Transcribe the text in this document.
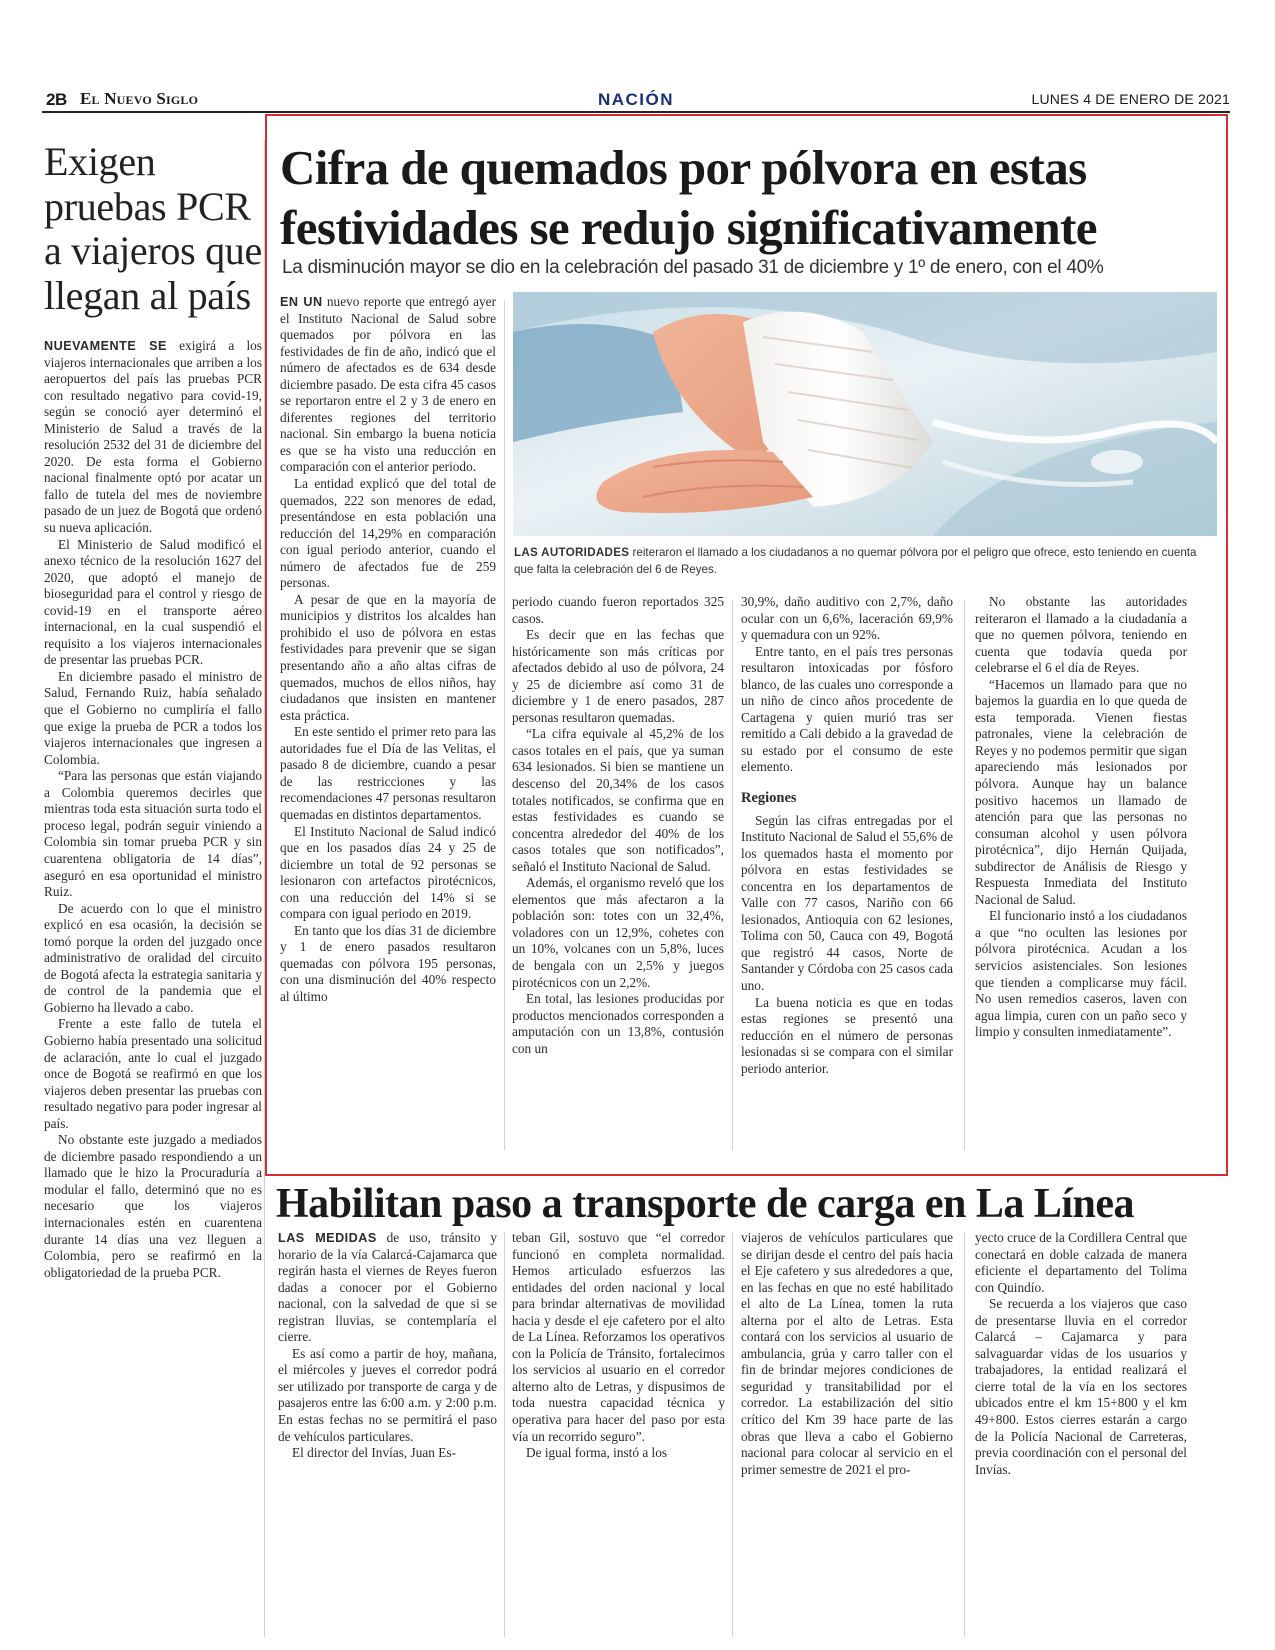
2B El Nuevo Siglo	NACIÓN	LUNES 4 DE ENERO DE 2021
Exigen pruebas PCR a viajeros que llegan al país

NUEVAMENTE SE exigirá a los viajeros internacionales que arriben a los aeropuertos del país las pruebas PCR con resultado negativo para covid-19, según se conoció ayer determinó el Ministerio de Salud a través de la resolución 2532 del 31 de diciembre del 2020. De esta forma el Gobierno nacional finalmente optó por acatar un fallo de tutela del mes de noviembre pasado de un juez de Bogotá que ordenó su nueva aplicación.

El Ministerio de Salud modificó el anexo técnico de la resolución 1627 del 2020, que adoptó el manejo de bioseguridad para el control y riesgo de covid-19 en el transporte aéreo internacional, en la cual suspendió el requisito a los viajeros internacionales de presentar las pruebas PCR.

En diciembre pasado el ministro de Salud, Fernando Ruiz, había señalado que el Gobierno no cumpliría el fallo que exige la prueba de PCR a todos los viajeros internacionales que ingresen a Colombia.

“Para las personas que están viajando a Colombia queremos decirles que mientras toda esta situación surta todo el proceso legal, podrán seguir viniendo a Colombia sin tomar prueba PCR y sin cuarentena obligatoria de 14 días”, aseguró en esa oportunidad el ministro Ruiz.

De acuerdo con lo que el ministro explicó en esa ocasión, la decisión se tomó porque la orden del juzgado once administrativo de oralidad del circuito de Bogotá afecta la estrategia sanitaria y de control de la pandemia que el Gobierno ha llevado a cabo.

Frente a este fallo de tutela el Gobierno había presentado una solicitud de aclaración, ante lo cual el juzgado once de Bogotá se reafirmó en que los viajeros deben presentar las pruebas con resultado negativo para poder ingresar al país.

No obstante este juzgado a mediados de diciembre pasado respondiendo a un llamado que le hizo la Procuraduría a modular el fallo, determinó que no es necesario que los viajeros internacionales estén en cuarentena durante 14 días una vez lleguen a Colombia, pero se reafirmó en la obligatoriedad de la prueba PCR.

Cifra de quemados por pólvora en estas festividades se redujo significativamente

La disminución mayor se dio en la celebración del pasado 31 de diciembre y 1º de enero, con el 40%

LAS AUTORIDADES reiteraron el llamado a los ciudadanos a no quemar pólvora por el peligro que ofrece, esto teniendo en cuenta que falta la celebración del 6 de Reyes.

EN UN nuevo reporte que entregó ayer el Instituto Nacional de Salud sobre quemados por pólvora en las festividades de fin de año, indicó que el número de afectados es de 634 desde diciembre pasado. De esta cifra 45 casos se reportaron entre el 2 y 3 de enero en diferentes regiones del territorio nacional. Sin embargo la buena noticia es que se ha visto una reducción en comparación con el anterior periodo.

La entidad explicó que del total de quemados, 222 son menores de edad, presentándose en esta población una reducción del 14,29% en comparación con igual periodo anterior, cuando el número de afectados fue de 259 personas.

A pesar de que en la mayoría de municipios y distritos los alcaldes han prohibido el uso de pólvora en estas festividades para prevenir que se sigan presentando año a año altas cifras de quemados, muchos de ellos niños, hay ciudadanos que insisten en mantener esta práctica.

En este sentido el primer reto para las autoridades fue el Día de las Velitas, el pasado 8 de diciembre, cuando a pesar de las restricciones y las recomendaciones 47 personas resultaron quemadas en distintos departamentos.

El Instituto Nacional de Salud indicó que en los pasados días 24 y 25 de diciembre un total de 92 personas se lesionaron con artefactos pirotécnicos, con una reducción del 14% si se compara con igual periodo en 2019.

En tanto que los días 31 de diciembre y 1 de enero pasados resultaron quemadas con pólvora 195 personas, con una disminución del 40% respecto al último

periodo cuando fueron reportados 325 casos.

Es decir que en las fechas que históricamente son más críticas por afectados debido al uso de pólvora, 24 y 25 de diciembre así como 31 de diciembre y 1 de enero pasados, 287 personas resultaron quemadas.

“La cifra equivale al 45,2% de los casos totales en el país, que ya suman 634 lesionados. Si bien se mantiene un descenso del 20,34% de los casos totales notificados, se confirma que en estas festividades es cuando se concentra alrededor del 40% de los casos totales que son notificados”, señaló el Instituto Nacional de Salud.

Además, el organismo reveló que los elementos que más afectaron a la población son: totes con un 32,4%, voladores con un 12,9%, cohetes con un 10%, volcanes con un 5,8%, luces de bengala con un 2,5% y juegos pirotécnicos con un 2,2%.

En total, las lesiones producidas por productos mencionados corresponden a amputación con un 13,8%, contusión con un

30,9%, daño auditivo con 2,7%, daño ocular con un 6,6%, laceración 69,9% y quemadura con un 92%.

Entre tanto, en el país tres personas resultaron intoxicadas por fósforo blanco, de las cuales uno corresponde a un niño de cinco años procedente de Cartagena y quien murió tras ser remitido a Cali debido a la gravedad de su estado por el consumo de este elemento.

Regiones

Según las cifras entregadas por el Instituto Nacional de Salud el 55,6% de los quemados hasta el momento por pólvora en estas festividades se concentra en los departamentos de Valle con 77 casos, Nariño con 66 lesionados, Antioquia con 62 lesiones, Tolima con 50, Cauca con 49, Bogotá que registró 44 casos, Norte de Santander y Córdoba con 25 casos cada uno.

La buena noticia es que en todas estas regiones se presentó una reducción en el número de personas lesionadas si se compara con el similar periodo anterior.

No obstante las autoridades reiteraron el llamado a la ciudadanía a que no quemen pólvora, teniendo en cuenta que todavía queda por celebrarse el 6 el día de Reyes.

“Hacemos un llamado para que no bajemos la guardia en lo que queda de esta temporada. Vienen fiestas patronales, viene la celebración de Reyes y no podemos permitir que sigan apareciendo más lesionados por pólvora. Aunque hay un balance positivo hacemos un llamado de atención para que las personas no consuman alcohol y usen pólvora pirotécnica”, dijo Hernán Quijada, subdirector de Análisis de Riesgo y Respuesta Inmediata del Instituto Nacional de Salud.

El funcionario instó a los ciudadanos a que “no oculten las lesiones por pólvora pirotécnica. Acudan a los servicios asistenciales. Son lesiones que tienden a complicarse muy fácil. No usen remedios caseros, laven con agua limpia, curen con un paño seco y limpio y consulten inmediatamente”.

Habilitan paso a transporte de carga en La Línea

LAS MEDIDAS de uso, tránsito y horario de la vía Calarcá-Cajamarca que regirán hasta el viernes de Reyes fueron dadas a conocer por el Gobierno nacional, con la salvedad de que si se registran lluvias, se contemplaría el cierre.

Es así como a partir de hoy, mañana, el miércoles y jueves el corredor podrá ser utilizado por transporte de carga y de pasajeros entre las 6:00 a.m. y 2:00 p.m. En estas fechas no se permitirá el paso de vehículos particulares.

El director del Invías, Juan Es-

teban Gil, sostuvo que “el corredor funcionó en completa normalidad. Hemos articulado esfuerzos las entidades del orden nacional y local para brindar alternativas de movilidad hacia y desde el eje cafetero por el alto de La Línea. Reforzamos los operativos con la Policía de Tránsito, fortalecimos los servicios al usuario en el corredor alterno alto de Letras, y dispusimos de toda nuestra capacidad técnica y operativa para hacer del paso por esta vía un recorrido seguro”.

De igual forma, instó a los

viajeros de vehículos particulares que se dirijan desde el centro del país hacia el Eje cafetero y sus alrededores a que, en las fechas en que no esté habilitado el alto de La Línea, tomen la ruta alterna por el alto de Letras. Esta contará con los servicios al usuario de ambulancia, grúa y carro taller con el fin de brindar mejores condiciones de seguridad y transitabilidad por el corredor. La estabilización del sitio crítico del Km 39 hace parte de las obras que lleva a cabo el Gobierno nacional para colocar al servicio en el primer semestre de 2021 el pro-

yecto cruce de la Cordillera Central que conectará en doble calzada de manera eficiente el departamento del Tolima con Quindío.

Se recuerda a los viajeros que caso de presentarse lluvia en el corredor Calarcá – Cajamarca y para salvaguardar vidas de los usuarios y trabajadores, la entidad realizará el cierre total de la vía en los sectores ubicados entre el km 15+800 y el km 49+800. Estos cierres estarán a cargo de la Policía Nacional de Carreteras, previa coordinación con el personal del Invías.
